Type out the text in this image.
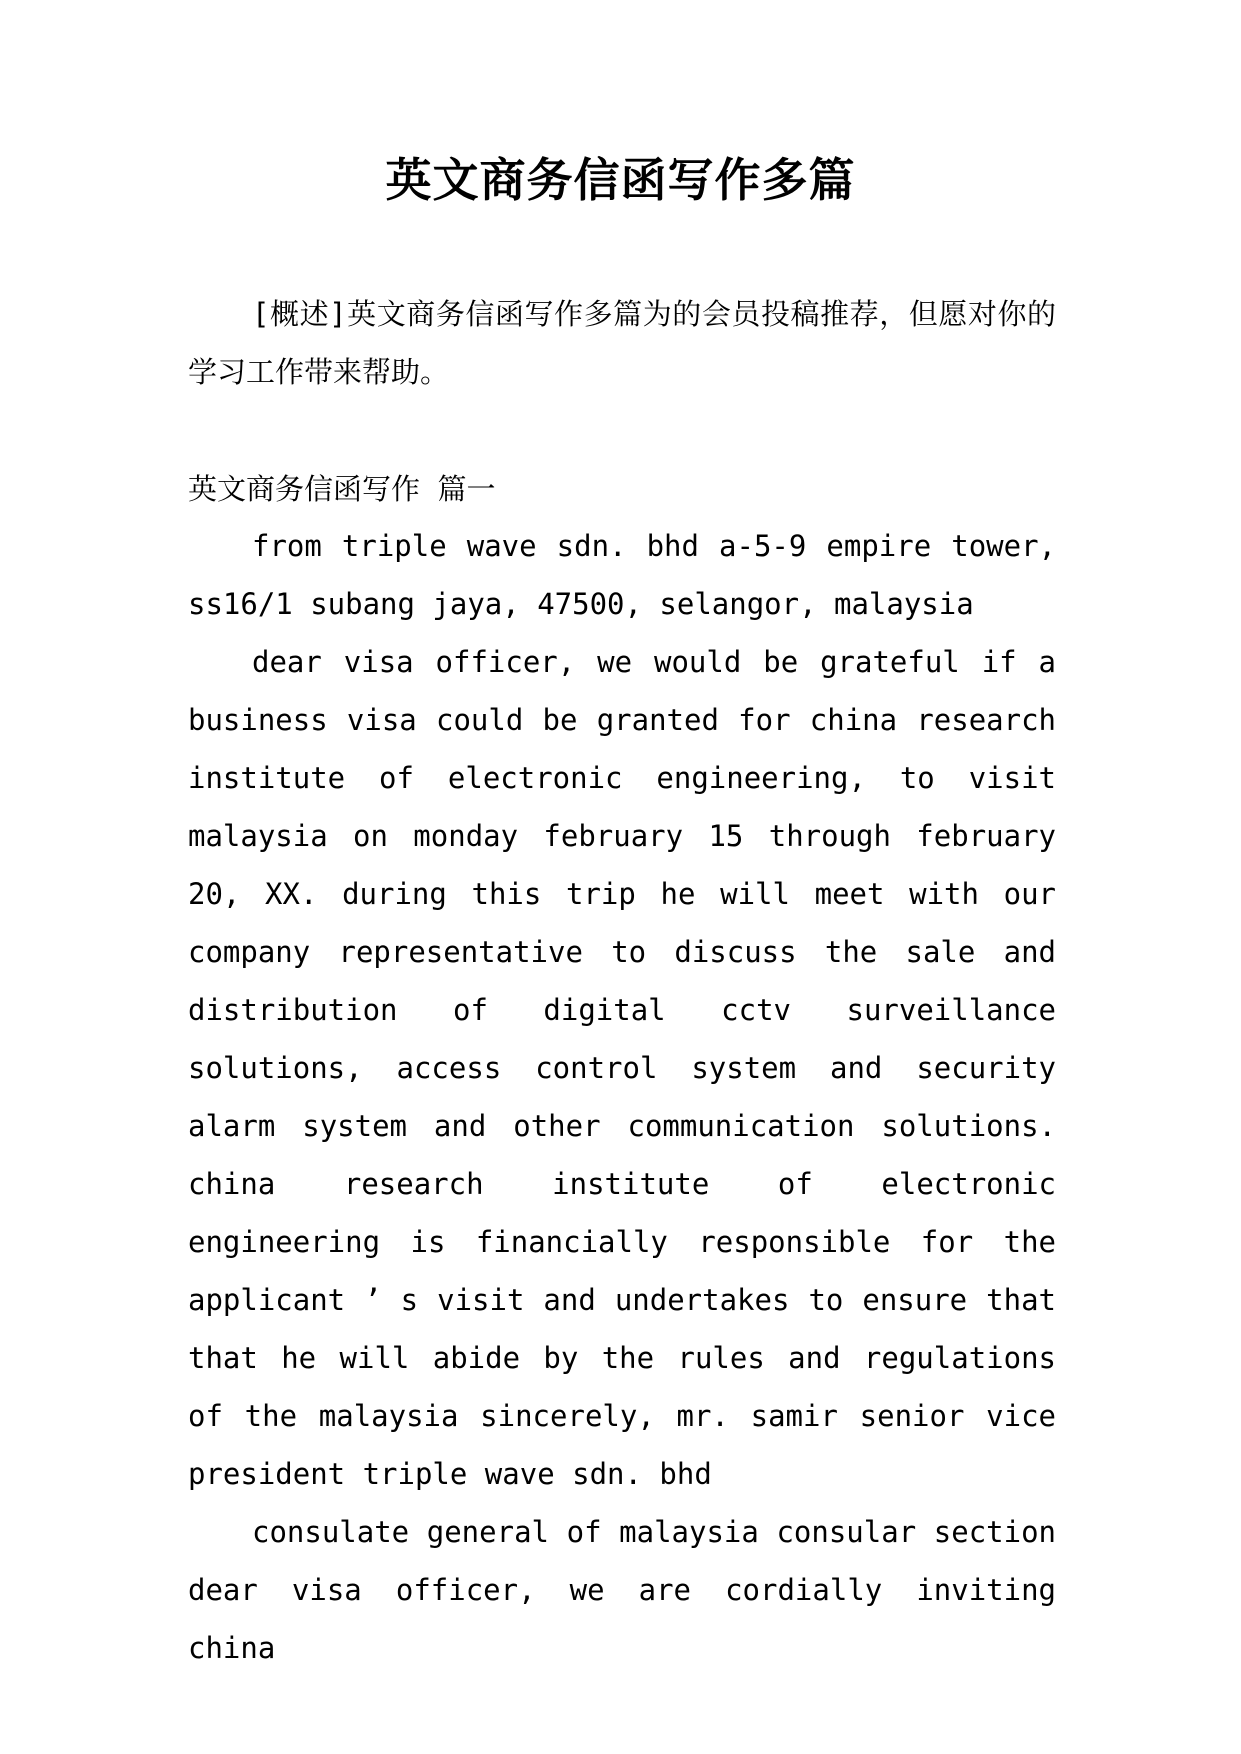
英文商务信函写作多篇

[概述]英文商务信函写作多篇为的会员投稿推荐，但愿对你的学习工作带来帮助。

英文商务信函写作 篇一

from triple wave sdn. bhd a-5-9 empire tower, ss16/1 subang jaya, 47500, selangor, malaysia

dear visa officer, we would be grateful if a business visa could be granted for china research institute of electronic engineering, to visit malaysia on monday february 15 through february 20, XX. during this trip he will meet with our company representative to discuss the sale and distribution of digital cctv surveillance solutions, access control system and security alarm system and other communication solutions. china research institute of electronic engineering is financially responsible for the applicant ’ s visit and undertakes to ensure that that he will abide by the rules and regulations of the malaysia sincerely, mr. samir senior vice president triple wave sdn. bhd

consulate general of malaysia consular section dear visa officer, we are cordially inviting china
